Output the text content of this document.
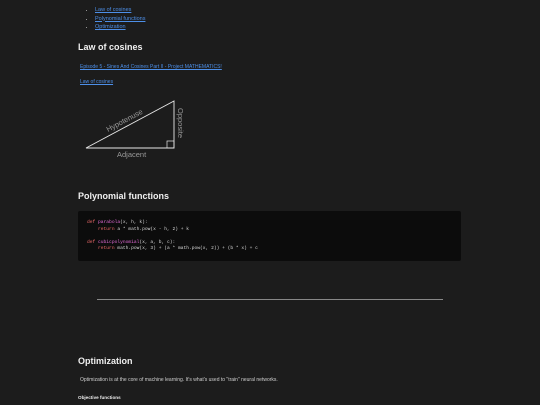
• Law of cosines
• Polynomial functions
• Optimization
Law of cosines
Episode 5 - Sines And Cosines Part II - Project MATHEMATICS!
Law of cosines
Hypotenuse	Opposite
Adjacent
Polynomial functions
def parabola(x, h, k):
return a * math.pow(x - h, 2) + k
def cubicpolynomial(x, a, b, c):
return math.pow(x, 3) + (a * math.pow(x, 2)) + (b * x) + c
Optimization

Optimization is at the core of machine learning. It's what's used to "train" neural networks.

Objective functions
